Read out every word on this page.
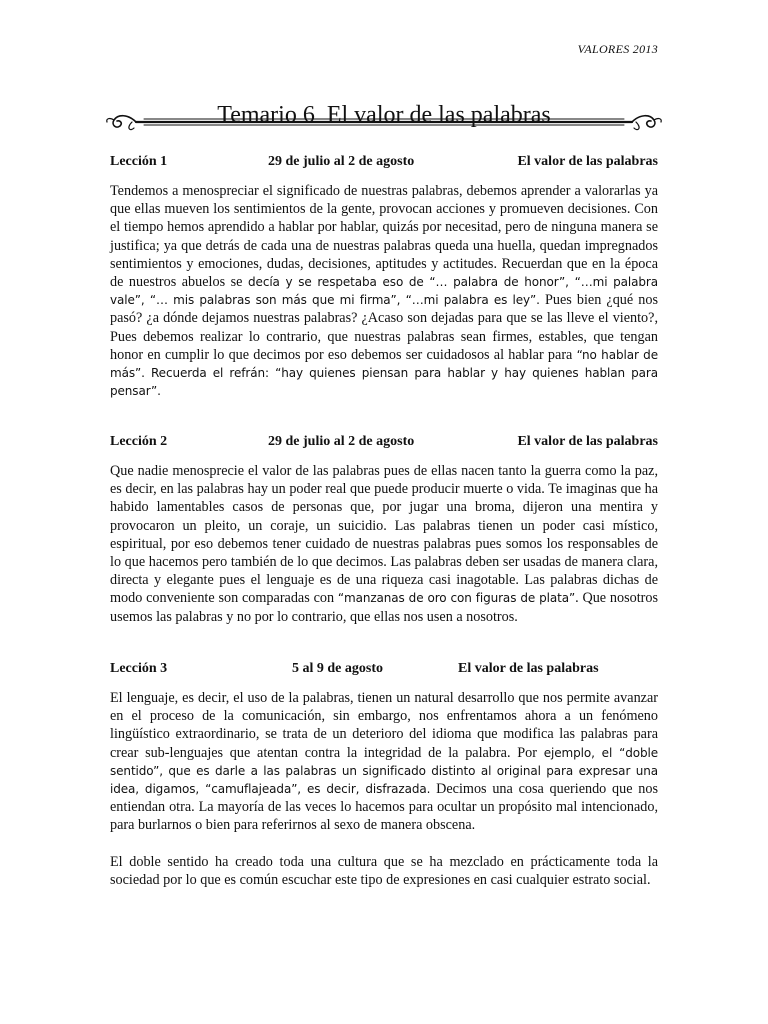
VALORES 2013
Temario 6 El valor de las palabras
Lección 1	29 de julio al 2 de agosto	El valor de las palabras

Tendemos a menospreciar el significado de nuestras palabras, debemos aprender a valorarlas ya que ellas mueven los sentimientos de la gente, provocan acciones y promueven decisiones. Con el tiempo hemos aprendido a hablar por hablar, quizás por necesitad, pero de ninguna manera se justifica; ya que detrás de cada una de nuestras palabras queda una huella, quedan impregnados sentimientos y emociones, dudas, decisiones, aptitudes y actitudes. Recuerdan que en la época de nuestros abuelos se decía y se respetaba eso de “… palabra de honor”, “…mi palabra vale”, “… mis palabras son más que mi firma”, “…mi palabra es ley”. Pues bien ¿qué nos pasó? ¿a dónde dejamos nuestras palabras? ¿Acaso son dejadas para que se las lleve el viento?, Pues debemos realizar lo contrario, que nuestras palabras sean firmes, estables, que tengan honor en cumplir lo que decimos por eso debemos ser cuidadosos al hablar para “no hablar de más”. Recuerda el refrán: “hay quienes piensan para hablar y hay quienes hablan para pensar”.

Lección 2	29 de julio al 2 de agosto	El valor de las palabras

Que nadie menosprecie el valor de las palabras pues de ellas nacen tanto la guerra como la paz, es decir, en las palabras hay un poder real que puede producir muerte o vida. Te imaginas que ha habido lamentables casos de personas que, por jugar una broma, dijeron una mentira y provocaron un pleito, un coraje, un suicidio. Las palabras tienen un poder casi místico, espiritual, por eso debemos tener cuidado de nuestras palabras pues somos los responsables de lo que hacemos pero también de lo que decimos. Las palabras deben ser usadas de manera clara, directa y elegante pues el lenguaje es de una riqueza casi inagotable. Las palabras dichas de modo conveniente son comparadas con “manzanas de oro con figuras de plata”. Que nosotros usemos las palabras y no por lo contrario, que ellas nos usen a nosotros.

Lección 3	5 al 9 de agosto	El valor de las palabras

El lenguaje, es decir, el uso de la palabras, tienen un natural desarrollo que nos permite avanzar en el proceso de la comunicación, sin embargo, nos enfrentamos ahora a un fenómeno lingüístico extraordinario, se trata de un deterioro del idioma que modifica las palabras para crear sub-lenguajes que atentan contra la integridad de la palabra. Por ejemplo, el “doble sentido”, que es darle a las palabras un significado distinto al original para expresar una idea, digamos, “camuflajeada”, es decir, disfrazada. Decimos una cosa queriendo que nos entiendan otra. La mayoría de las veces lo hacemos para ocultar un propósito mal intencionado, para burlarnos o bien para referirnos al sexo de manera obscena.

El doble sentido ha creado toda una cultura que se ha mezclado en prácticamente toda la sociedad por lo que es común escuchar este tipo de expresiones en casi cualquier estrato social.
